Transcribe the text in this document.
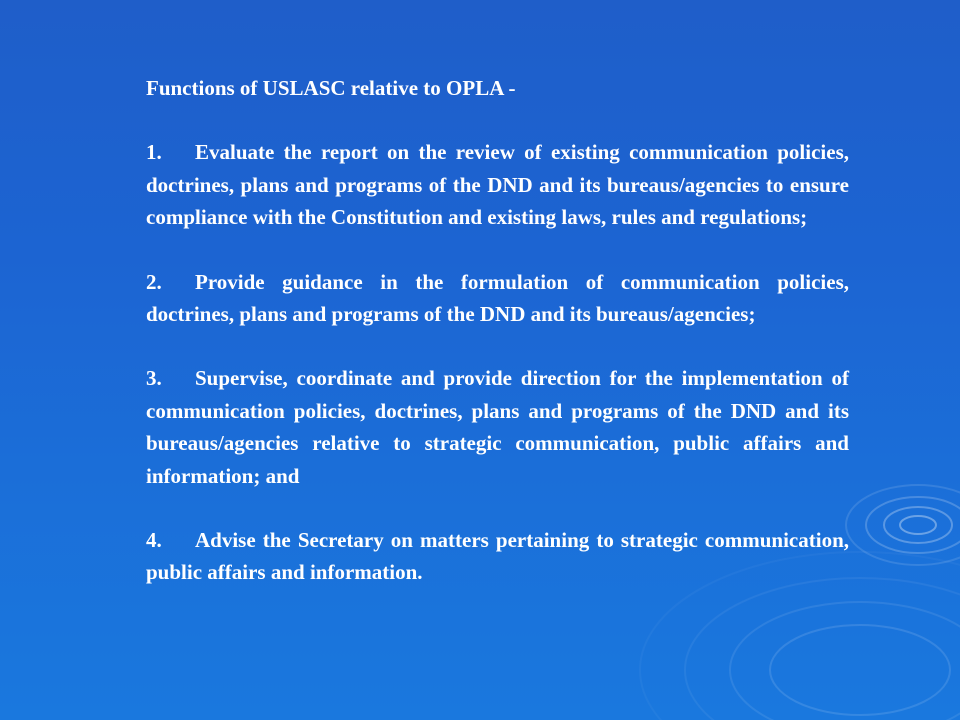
Functions of USLASC relative to OPLA -
1. Evaluate the report on the review of existing communication policies, doctrines, plans and programs of the DND and its bureaus/agencies to ensure compliance with the Constitution and existing laws, rules and regulations;
2. Provide guidance in the formulation of communication policies, doctrines, plans and programs of the DND and its bureaus/agencies;
3. Supervise, coordinate and provide direction for the implementation of communication policies, doctrines, plans and programs of the DND and its bureaus/agencies relative to strategic communication, public affairs and information; and
4. Advise the Secretary on matters pertaining to strategic communication, public affairs and information.
